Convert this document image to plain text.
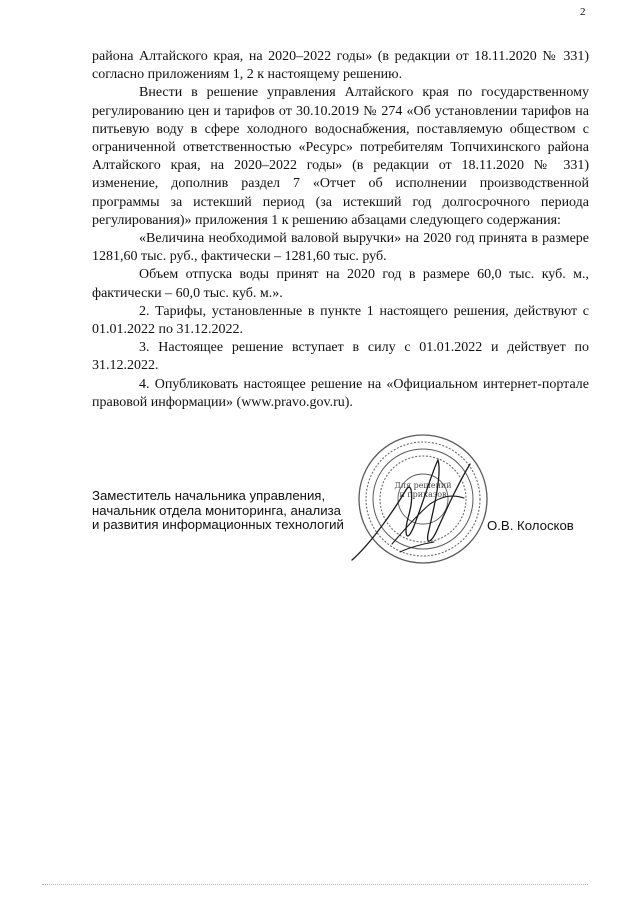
2

района Алтайского края, на 2020–2022 годы» (в редакции от 18.11.2020 № 331) согласно приложениям 1, 2 к настоящему решению.

Внести в решение управления Алтайского края по государственному регулированию цен и тарифов от 30.10.2019 № 274 «Об установлении тарифов на питьевую воду в сфере холодного водоснабжения, поставляемую обществом с ограниченной ответственностью «Ресурс» потребителям Топчихинского района Алтайского края, на 2020–2022 годы» (в редакции от 18.11.2020 № 331) изменение, дополнив раздел 7 «Отчет об исполнении производственной программы за истекший период (за истекший год долгосрочного периода регулирования)» приложения 1 к решению абзацами следующего содержания:

«Величина необходимой валовой выручки» на 2020 год принята в размере 1281,60 тыс. руб., фактически – 1281,60 тыс. руб.

Объем отпуска воды принят на 2020 год в размере 60,0 тыс. куб. м., фактически – 60,0 тыс. куб. м.».

2. Тарифы, установленные в пункте 1 настоящего решения, действуют с 01.01.2022 по 31.12.2022.

3. Настоящее решение вступает в силу с 01.01.2022 и действует по 31.12.2022.

4. Опубликовать настоящее решение на «Официальном интернет-портале правовой информации» (www.pravo.gov.ru).

Для решений
и приказов
Заместитель начальника управления,
начальник отдела мониторинга, анализа
и развития информационных технологий	О.В. Колосков
